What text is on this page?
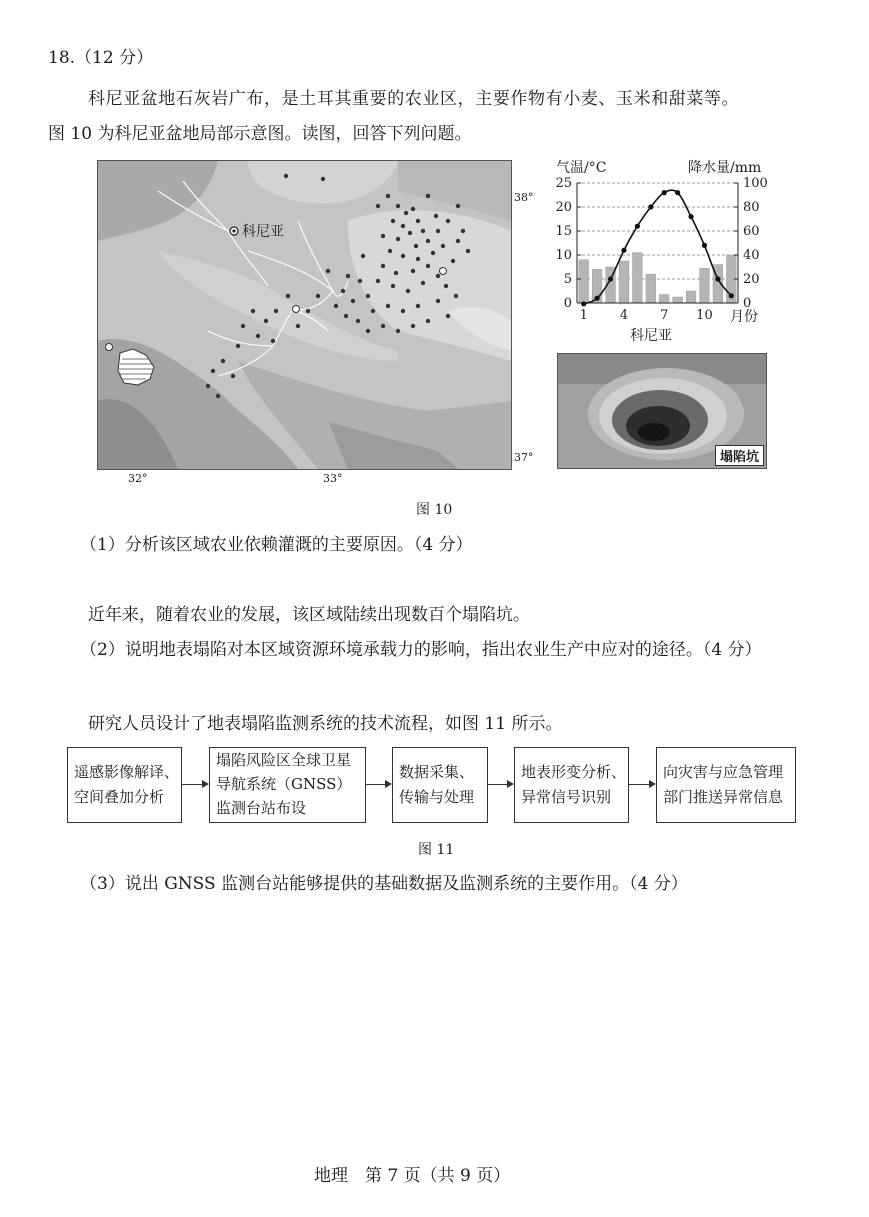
18.（12 分）
科尼亚盆地石灰岩广布，是土耳其重要的农业区，主要作物有小麦、玉米和甜菜等。
图 10 为科尼亚盆地局部示意图。读图，回答下列问题。
科尼亚
38°
37°
32°	33°
0
5
10
15
20
25
0
20
40
60
80
100
1 4 7 10
气温/°C	降水量/mm
月份
科尼亚
塌陷坑
图 10
（1）分析该区域农业依赖灌溉的主要原因。（4 分）
近年来，随着农业的发展，该区域陆续出现数百个塌陷坑。
（2）说明地表塌陷对本区域资源环境承载力的影响，指出农业生产中应对的途径。（4 分）
研究人员设计了地表塌陷监测系统的技术流程，如图 11 所示。
遥感影像解译、
空间叠加分析
塌陷风险区全球卫星
导航系统（GNSS）
监测台站布设
数据采集、
传输与处理
地表形变分析、
异常信号识别
向灾害与应急管理
部门推送异常信息
图 11
（3）说出 GNSS 监测台站能够提供的基础数据及监测系统的主要作用。（4 分）
地理　第 7 页（共 9 页）
